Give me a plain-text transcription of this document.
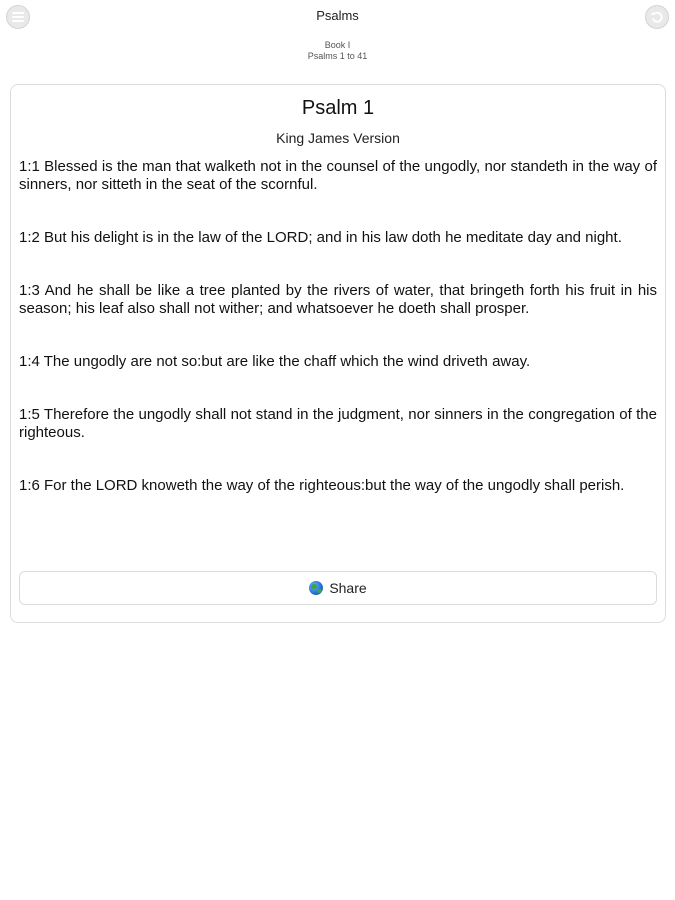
Psalms
Book I
Psalms 1 to 41
Psalm 1
King James Version

1:1 Blessed is the man that walketh not in the counsel of the ungodly, nor standeth in the way of sinners, nor sitteth in the seat of the scornful.

1:2 But his delight is in the law of the LORD; and in his law doth he meditate day and night.

1:3 And he shall be like a tree planted by the rivers of water, that bringeth forth his fruit in his season; his leaf also shall not wither; and whatsoever he doeth shall prosper.

1:4 The ungodly are not so:but are like the chaff which the wind driveth away.

1:5 Therefore the ungodly shall not stand in the judgment, nor sinners in the congregation of the righteous.

1:6 For the LORD knoweth the way of the righteous:but the way of the ungodly shall perish.

Share
